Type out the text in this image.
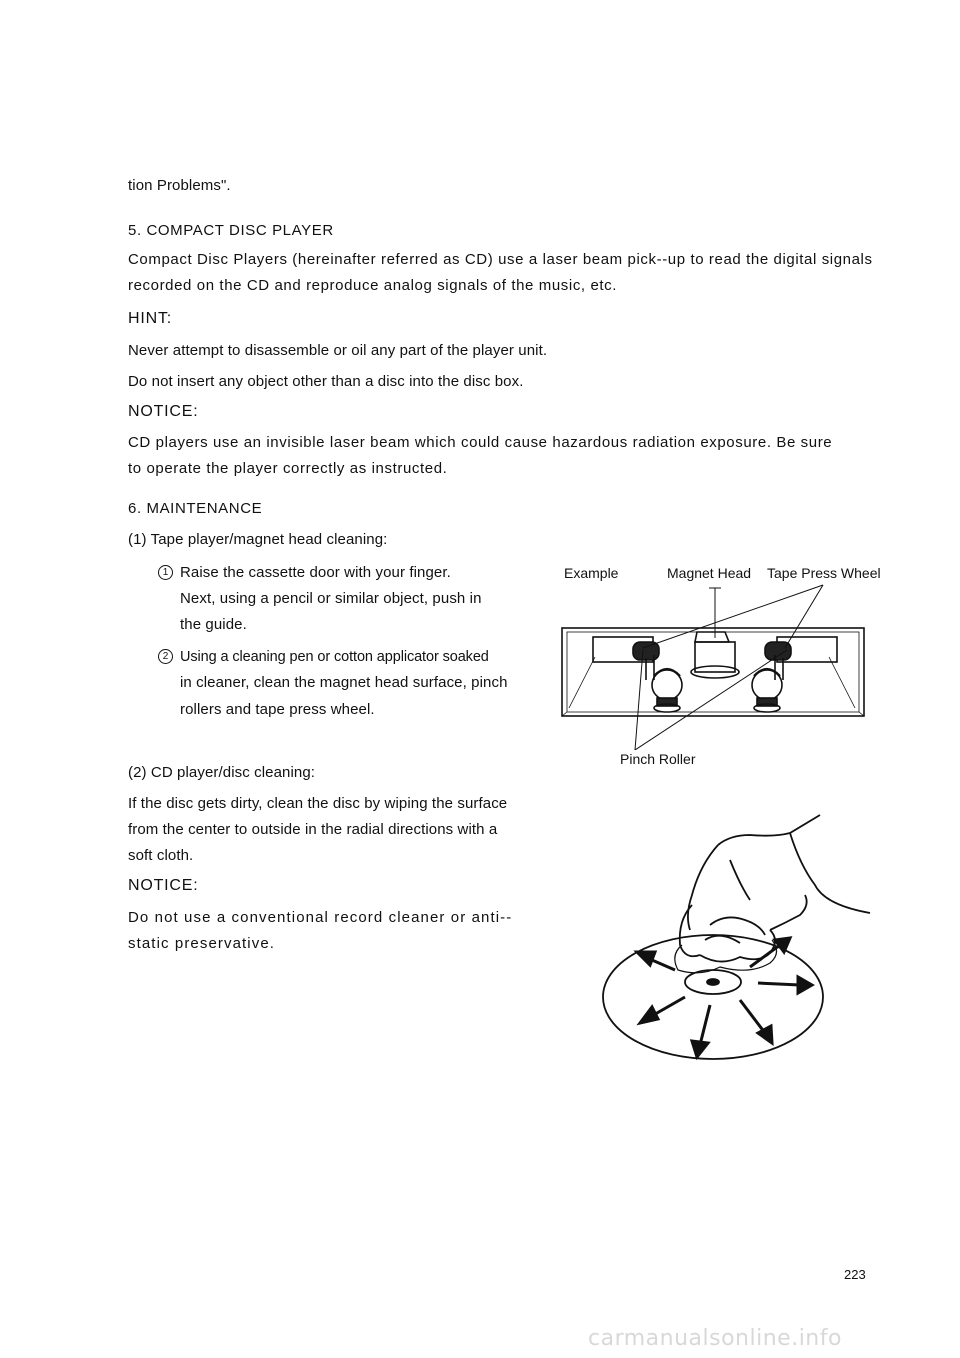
tion Problems".
5. COMPACT DISC PLAYER
Compact Disc Players (hereinafter referred as CD) use a laser beam pick--up to read the digital signals
recorded on the CD and reproduce analog signals of the music, etc.
HINT:
Never attempt to disassemble or oil any part of the player unit.
Do not insert any object other than a disc into the disc box.
NOTICE:
CD players use an invisible laser beam which could cause hazardous radiation exposure. Be sure
to operate the player correctly as instructed.
6. MAINTENANCE
(1) Tape player/magnet head cleaning:
1 Raise the cassette door with your finger.
Next, using a pencil or similar object, push in
the guide.
2 Using a cleaning pen or cotton applicator soaked
in cleaner, clean the magnet head surface, pinch
rollers and tape press wheel.
(2) CD player/disc cleaning:
If the disc gets dirty, clean the disc by wiping the surface
from the center to outside in the radial directions with a
soft cloth.
NOTICE:
Do not use a conventional record cleaner or anti--
static preservative.
Example	Magnet Head Tape Press Wheel
Pinch Roller
223
carmanualsonline.info
